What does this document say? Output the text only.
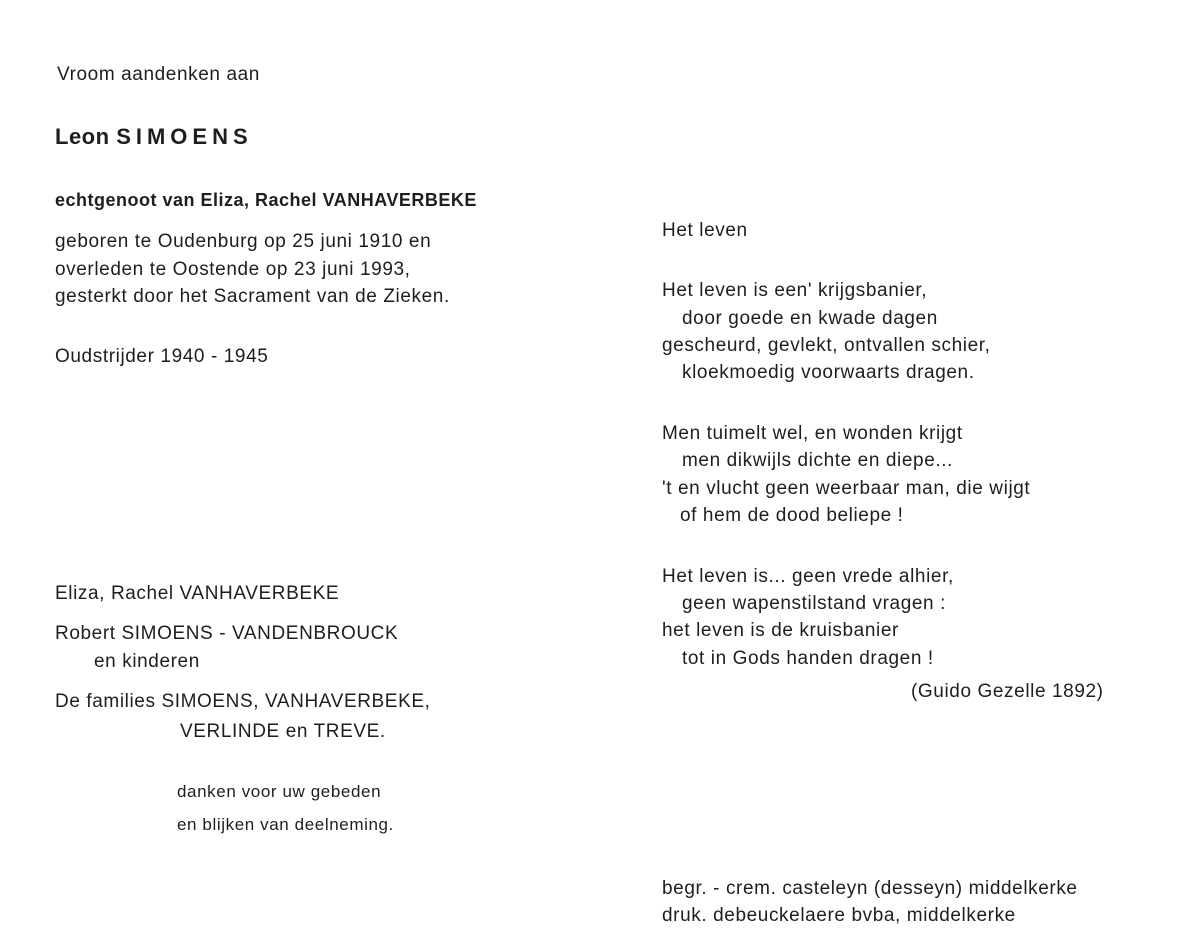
Vroom aandenken aan
Leon SIMOENS
echtgenoot van Eliza, Rachel VANHAVERBEKE
geboren te Oudenburg op 25 juni 1910 en
overleden te Oostende op 23 juni 1993,
gesterkt door het Sacrament van de Zieken.
Oudstrijder 1940 - 1945
Eliza, Rachel VANHAVERBEKE
Robert SIMOENS - VANDENBROUCK
en kinderen
De families SIMOENS, VANHAVERBEKE,
VERLINDE en TREVE.
danken voor uw gebeden
en blijken van deelneming.
Het leven
Het leven is een' krijgsbanier,
door goede en kwade dagen
gescheurd, gevlekt, ontvallen schier,
kloekmoedig voorwaarts dragen.
Men tuimelt wel, en wonden krijgt
men dikwijls dichte en diepe...
't en vlucht geen weerbaar man, die wijgt
of hem de dood beliepe !
Het leven is... geen vrede alhier,
geen wapenstilstand vragen :
het leven is de kruisbanier
tot in Gods handen dragen !
(Guido Gezelle 1892)
begr. - crem. casteleyn (desseyn) middelkerke
druk. debeuckelaere bvba, middelkerke
